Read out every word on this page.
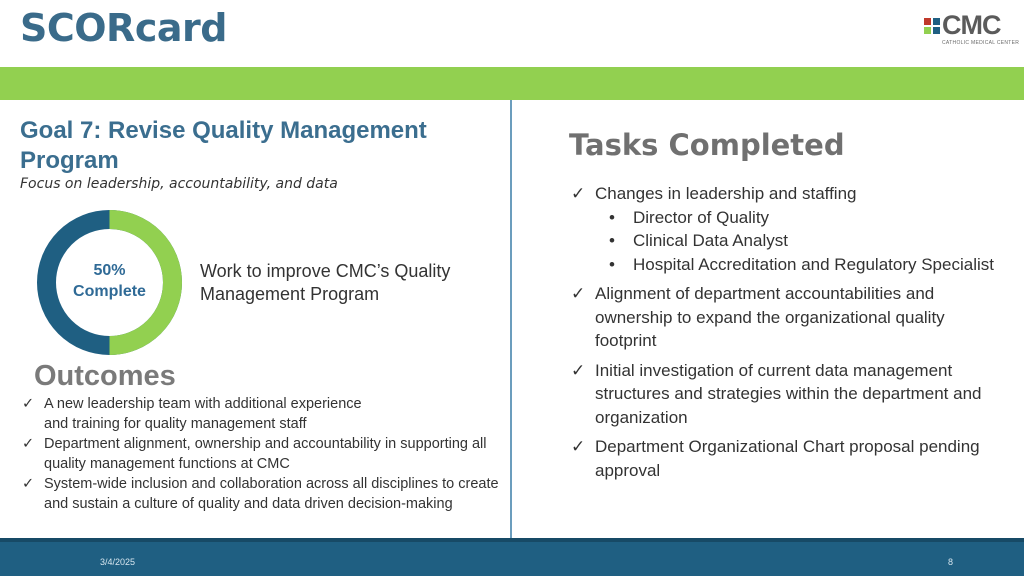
SCORcard	CMC
CATHOLIC MEDICAL CENTER
Goal 7: Revise Quality Management Program
Focus on leadership, accountability, and data
50%
Complete
Work to improve CMC’s Quality Management Program
Outcomes
✓ A new leadership team with additional experience
and training for quality management staff
✓ Department alignment, ownership and accountability in supporting all quality management functions at CMC
✓ System-wide inclusion and collaboration across all disciplines to create and sustain a culture of quality and data driven decision-making
Tasks Completed
✓ Changes in leadership and staffing
• Director of Quality
• Clinical Data Analyst
• Hospital Accreditation and Regulatory Specialist
✓ Alignment of department accountabilities and ownership to expand the organizational quality footprint
✓ Initial investigation of current data management structures and strategies within the department and organization
✓ Department Organizational Chart proposal pending approval
3/4/2025	8
